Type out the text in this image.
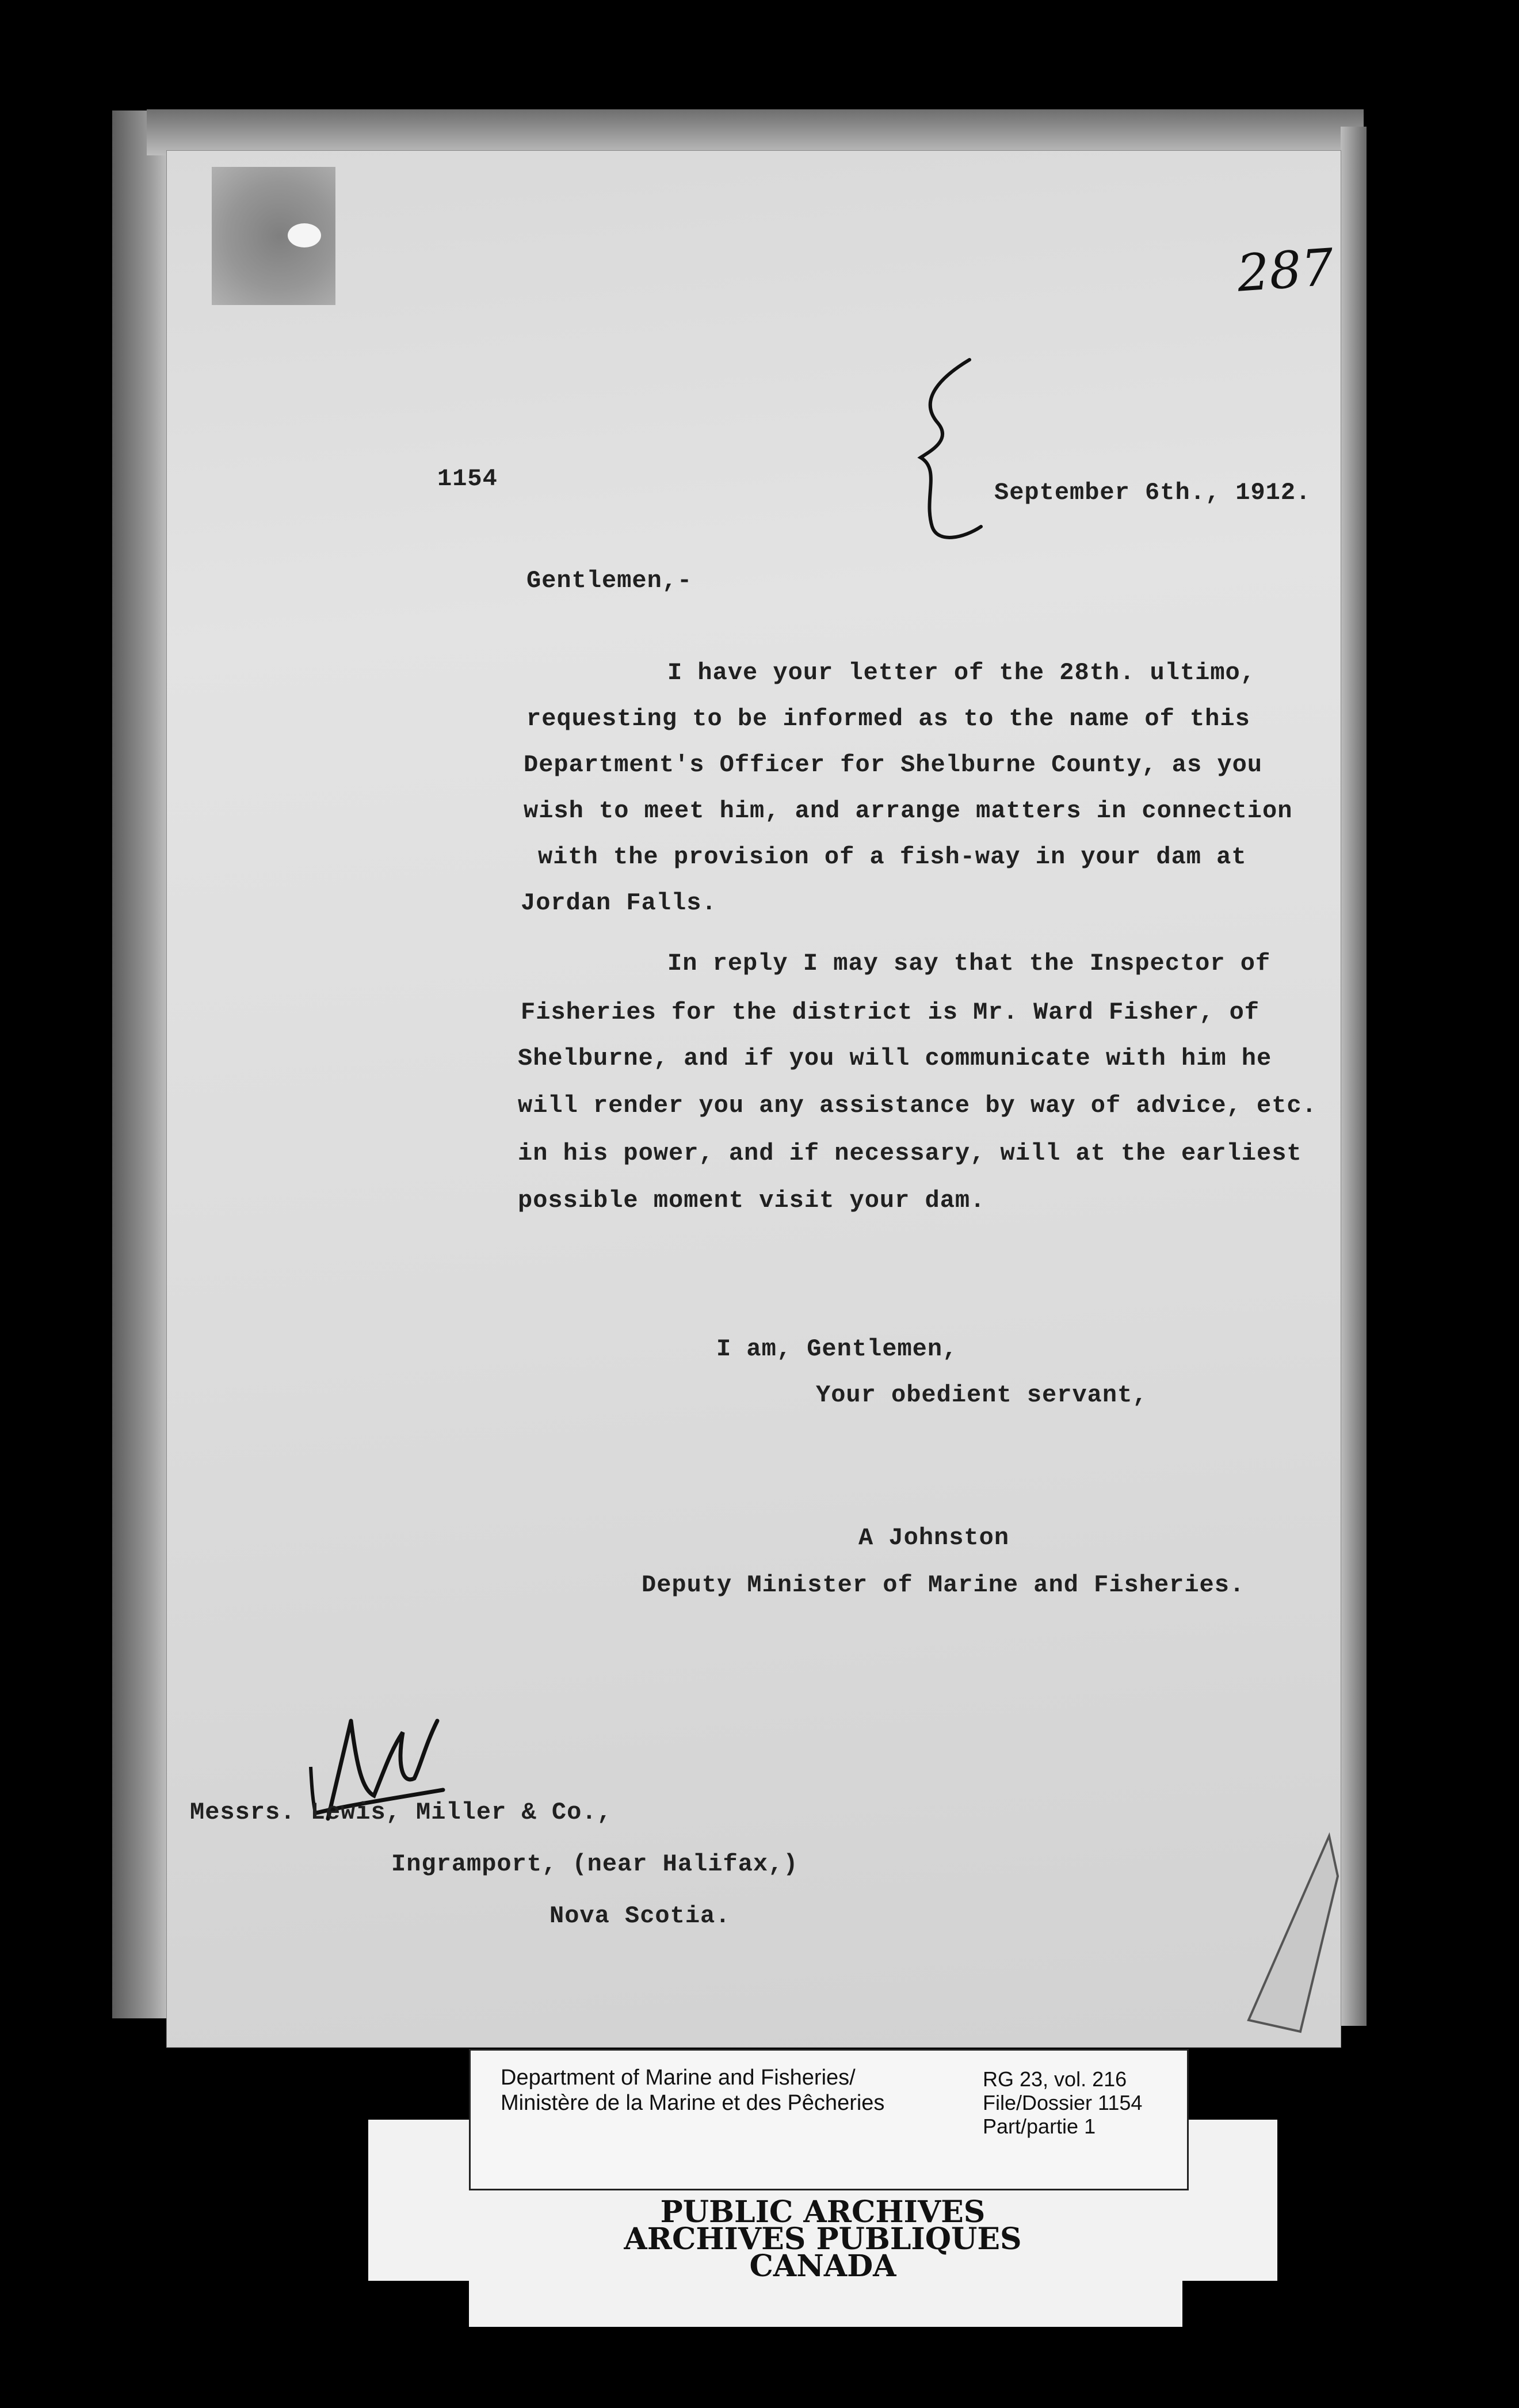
287
1154	September 6th., 1912.
Gentlemen,-
I have your letter of the 28th. ultimo,
requesting to be informed as to the name of this
Department's Officer for Shelburne County, as you
wish to meet him, and arrange matters in connection
with the provision of a fish-way in your dam at
Jordan Falls.
In reply I may say that the Inspector of
Fisheries for the district is Mr. Ward Fisher, of
Shelburne, and if you will communicate with him he
will render you any assistance by way of advice, etc.
in his power, and if necessary, will at the earliest
possible moment visit your dam.
I am, Gentlemen,
Your obedient servant,
A Johnston
Deputy Minister of Marine and Fisheries.
Messrs. Lewis, Miller & Co.,
Ingramport, (near Halifax,)
Nova Scotia.
Department of Marine and Fisheries/
Ministère de la Marine et des Pêcheries
RG 23, vol. 216
File/Dossier 1154
Part/partie 1
PUBLIC ARCHIVES
ARCHIVES PUBLIQUES
CANADA
